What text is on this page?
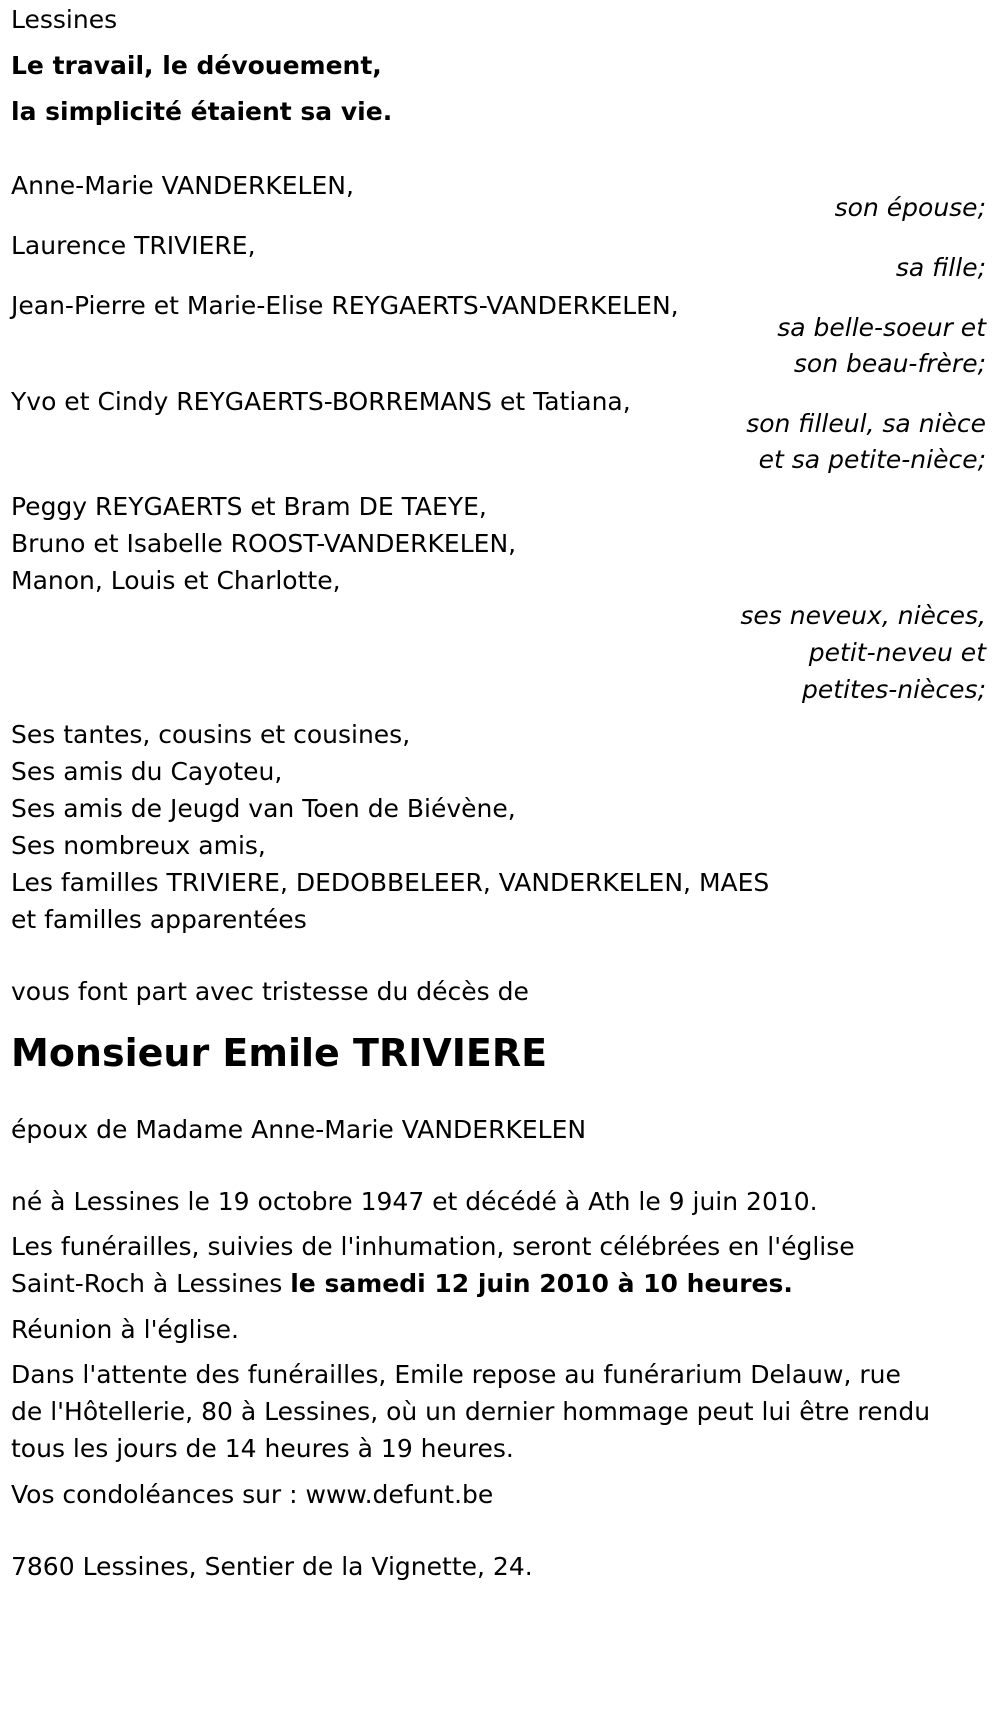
Lessines
Le travail, le dévouement,
la simplicité étaient sa vie.
Anne-Marie VANDERKELEN,
son épouse;
Laurence TRIVIERE,
sa fille;
Jean-Pierre et Marie-Elise REYGAERTS-VANDERKELEN,
sa belle-soeur et
son beau-frère;
Yvo et Cindy REYGAERTS-BORREMANS et Tatiana,
son filleul, sa nièce
et sa petite-nièce;
Peggy REYGAERTS et Bram DE TAEYE,
Bruno et Isabelle ROOST-VANDERKELEN,
Manon, Louis et Charlotte,
ses neveux, nièces,
petit-neveu et
petites-nièces;
Ses tantes, cousins et cousines,
Ses amis du Cayoteu,
Ses amis de Jeugd van Toen de Biévène,
Ses nombreux amis,
Les familles TRIVIERE, DEDOBBELEER, VANDERKELEN, MAES
et familles apparentées
vous font part avec tristesse du décès de
Monsieur Emile TRIVIERE
époux de Madame Anne-Marie VANDERKELEN
né à Lessines le 19 octobre 1947 et décédé à Ath le 9 juin 2010.
Les funérailles, suivies de l'inhumation, seront célébrées en l'église
Saint-Roch à Lessines le samedi 12 juin 2010 à 10 heures.
Réunion à l'église.
Dans l'attente des funérailles, Emile repose au funérarium Delauw, rue
de l'Hôtellerie, 80 à Lessines, où un dernier hommage peut lui être rendu
tous les jours de 14 heures à 19 heures.
Vos condoléances sur : www.defunt.be
7860 Lessines, Sentier de la Vignette, 24.
